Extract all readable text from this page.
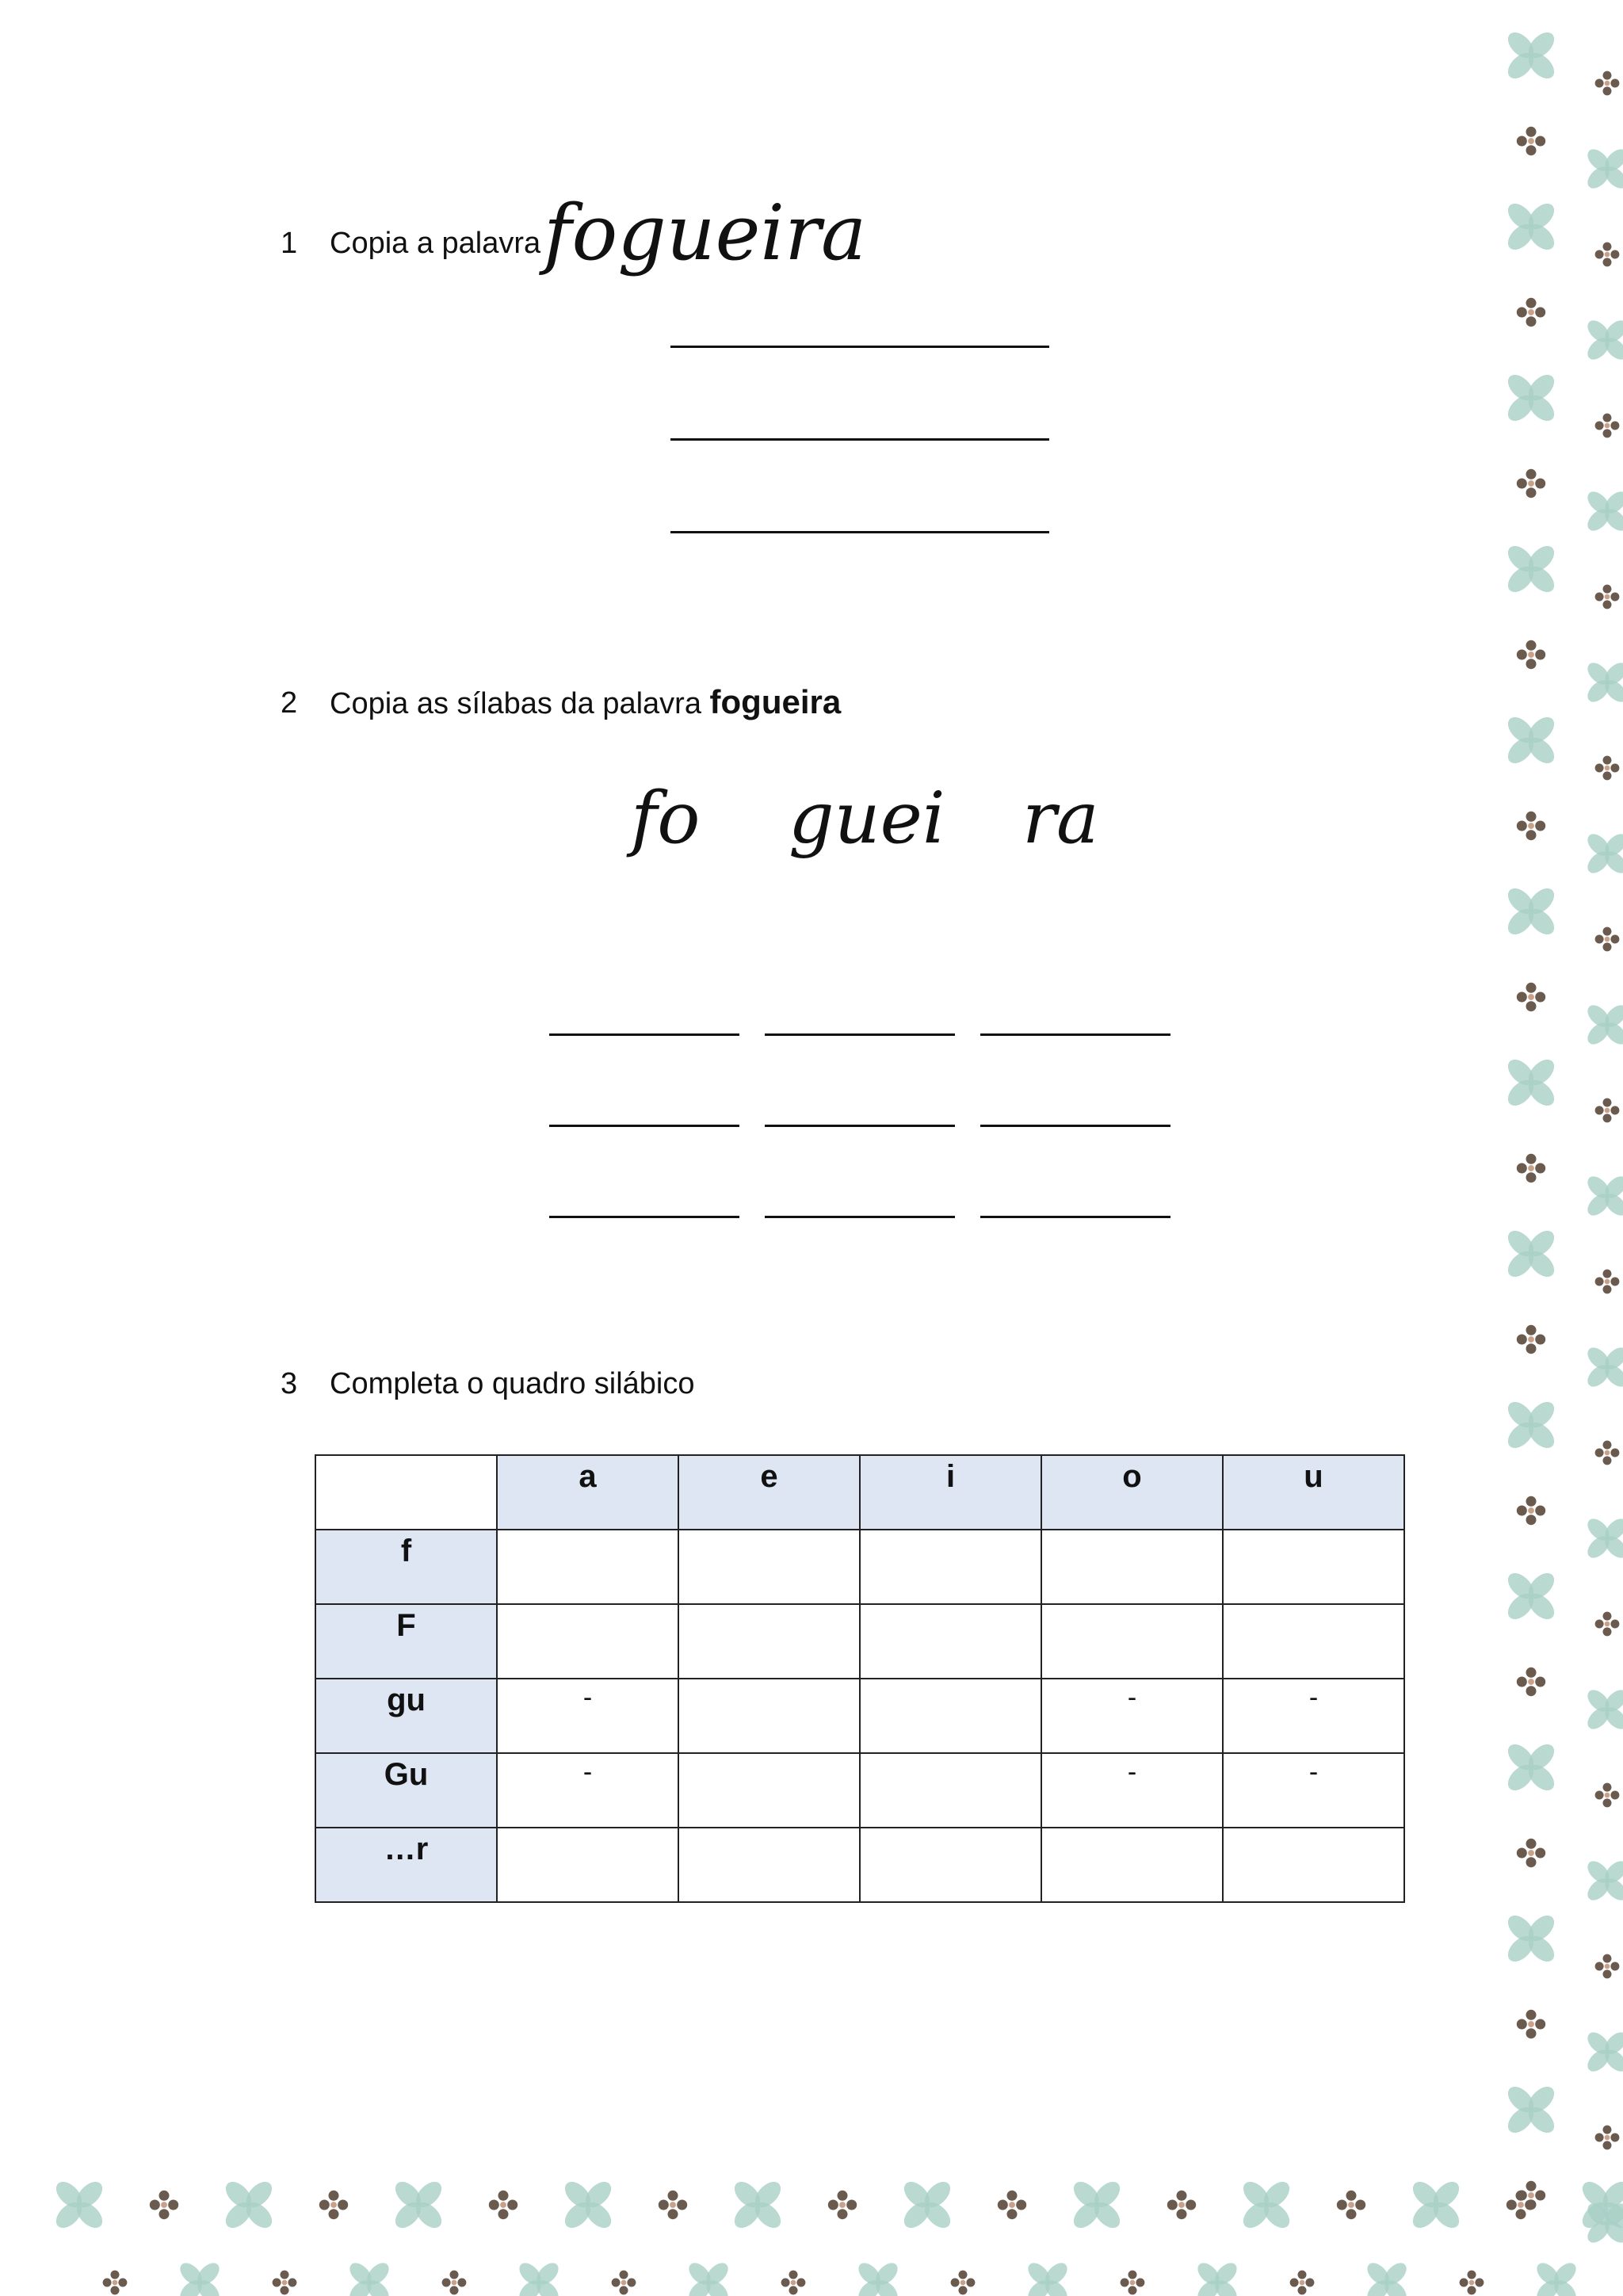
1 Copia a palavra fogueira
2 Copia as sílabas da palavra fogueira
fo guei ra
3 Completa o quadro silábico
	a	e	i	o	u
f					
F					
gu	-			-	-
Gu	-			-	-
…r					
